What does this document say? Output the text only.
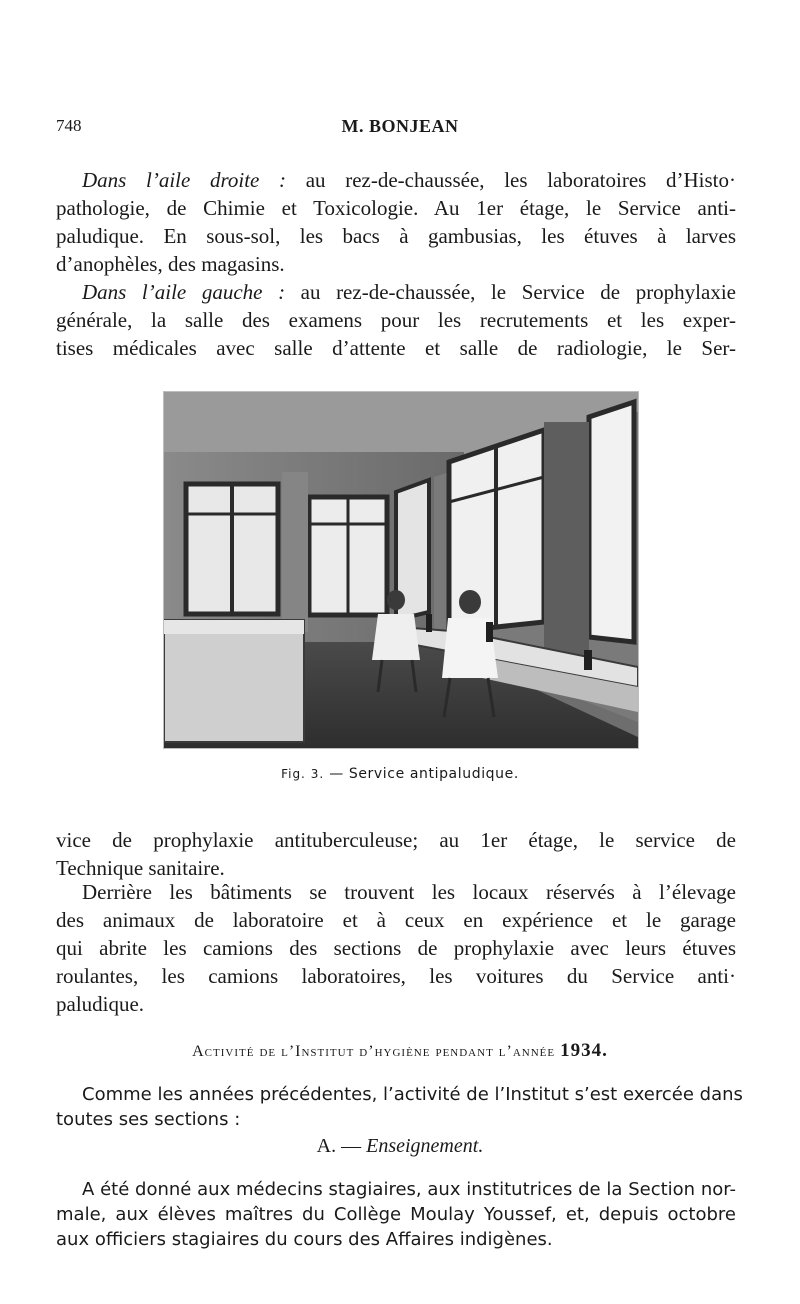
748	M. BONJEAN
Dans l’aile droite : au rez-de-chaussée, les laboratoires d’Histo·
pathologie, de Chimie et Toxicologie. Au 1er étage, le Service anti-
paludique. En sous-sol, les bacs à gambusias, les étuves à larves
d’anophèles, des magasins.
Dans l’aile gauche : au rez-de-chaussée, le Service de prophylaxie
générale, la salle des examens pour les recrutements et les exper-
tises médicales avec salle d’attente et salle de radiologie, le Ser-
Fig. 3. — Service antipaludique.
vice de prophylaxie antituberculeuse; au 1er étage, le service de
Technique sanitaire.
Derrière les bâtiments se trouvent les locaux réservés à l’élevage
des animaux de laboratoire et à ceux en expérience et le garage
qui abrite les camions des sections de prophylaxie avec leurs étuves
roulantes, les camions laboratoires, les voitures du Service anti·
paludique.
Activité de l’Institut d’hygiène pendant l’année 1934.
Comme les années précédentes, l’activité de l’Institut s’est exercée dans
toutes ses sections :
A. — Enseignement.
A été donné aux médecins stagiaires, aux institutrices de la Section nor-
male, aux élèves maîtres du Collège Moulay Youssef, et, depuis octobre
aux officiers stagiaires du cours des Affaires indigènes.
